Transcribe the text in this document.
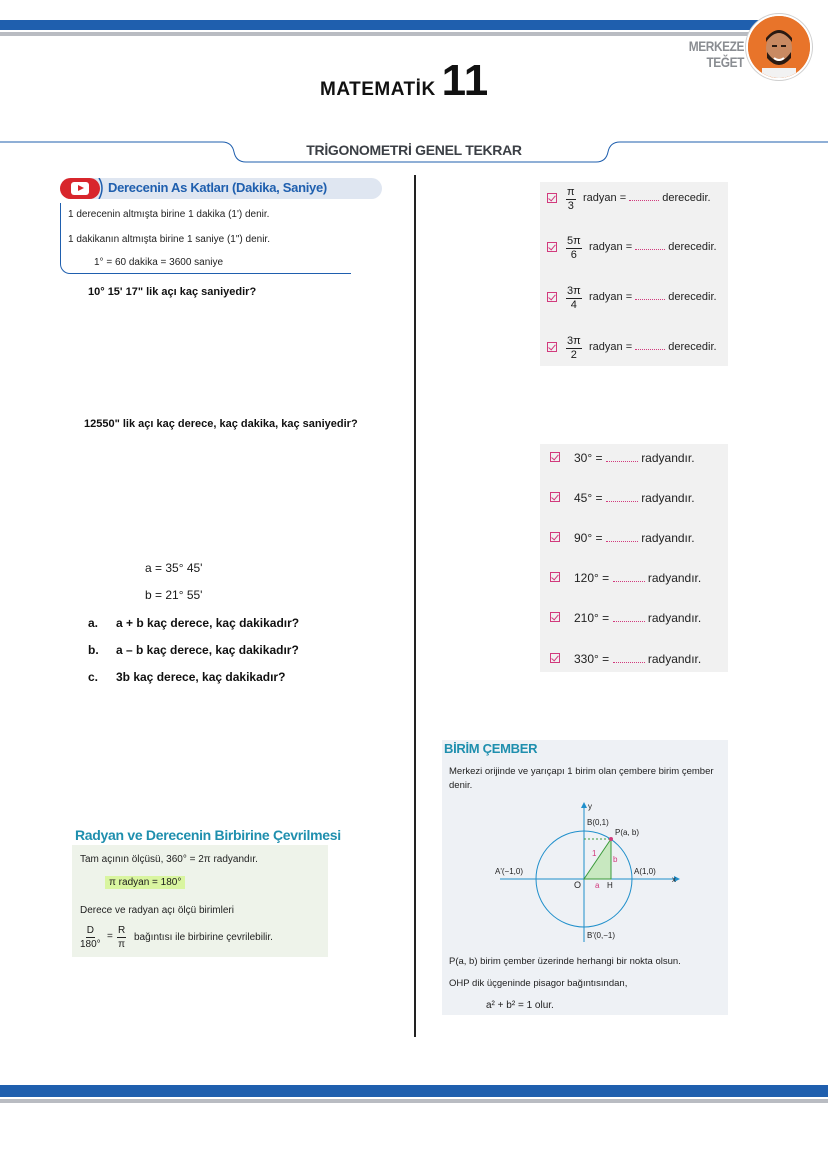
MERKEZE TEĞET
MATEMATİK 11
TRİGONOMETRİ GENEL TEKRAR
Derecenin As Katları (Dakika, Saniye)
1 derecenin altmışta birine 1 dakika (1') denir.
1 dakikanın altmışta birine 1 saniye (1") denir.
1° = 60 dakika = 3600 saniye
10° 15' 17" lik açı kaç saniyedir?
12550" lik açı kaç derece, kaç dakika, kaç saniyedir?
a = 35° 45'
b = 21° 55'
a. a + b kaç derece, kaç dakikadır?
b. a – b kaç derece, kaç dakikadır?
c. 3b kaç derece, kaç dakikadır?
Radyan ve Derecenin Birbirine Çevrilmesi
Tam açının ölçüsü, 360° = 2π radyandır.
π radyan = 180°
Derece ve radyan açı ölçü birimleri
$\frac{D}{180^\circ} = \frac{R}{\pi}$ bağıntısı ile birbirine çevrilebilir.
$\frac{\pi}{3}$ radyan =	derecedir.
$\frac{5\pi}{6}$ radyan =	derecedir.
$\frac{3\pi}{4}$ radyan =	derecedir.
$\frac{3\pi}{2}$ radyan =	derecedir.
30° =	radyandır.
45° =	radyandır.
90° =	radyandır.
120° =	radyandır.
210° =	radyandır.
330° =	radyandır.
BİRİM ÇEMBER
Merkezi orijinde ve yarıçapı 1 birim olan çembere birim çember denir.
A'(−1,0)	A(1,0)
B(0,1)
P(a, b)
B'(0,−1)
y
x
O	H
1
a
b
P(a, b) birim çember üzerinde herhangi bir nokta olsun.
OHP dik üçgeninde pisagor bağıntısından,
a² + b² = 1 olur.
